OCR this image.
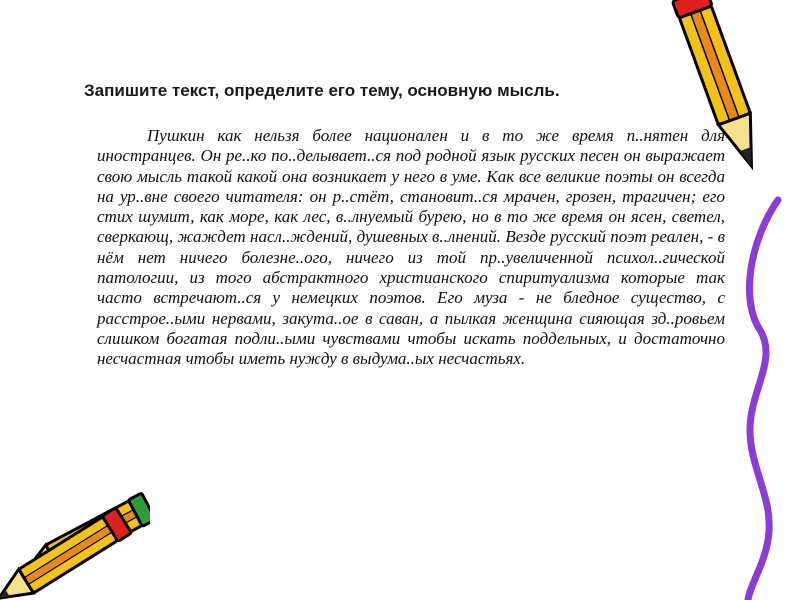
Запишите текст, определите его тему, основную мысль.

Пушкин как нельзя более национален и в то же время п..нятен для иностранцев. Он ре..ко по..делывает..ся под родной язык русских песен он выражает свою мысль такой какой она возникает у него в уме. Как все великие поэты он всегда на ур..вне своего читателя: он р..стёт, становит..ся мрачен, грозен, трагичен; его стих шумит, как море, как лес, в..лнуемый бурею, но в то же время он ясен, светел, сверкающ, жаждет насл..ждений, душевных в..лнений. Везде русский поэт реален, - в нём нет ничего болезне..ого, ничего из той пр..увеличенной психол..гической патологии, из того абстрактного христианского спиритуализма которые так часто встречают..ся у немецких поэтов. Его муза - не бледное существо, с расстрое..ыми нервами, закута..ое в саван, а пылкая женщина сияющая зд..ровьем слишком богатая подли..ыми чувствами чтобы искать поддельных, и достаточно несчастная чтобы иметь нужду в выдума..ых несчастьях.
